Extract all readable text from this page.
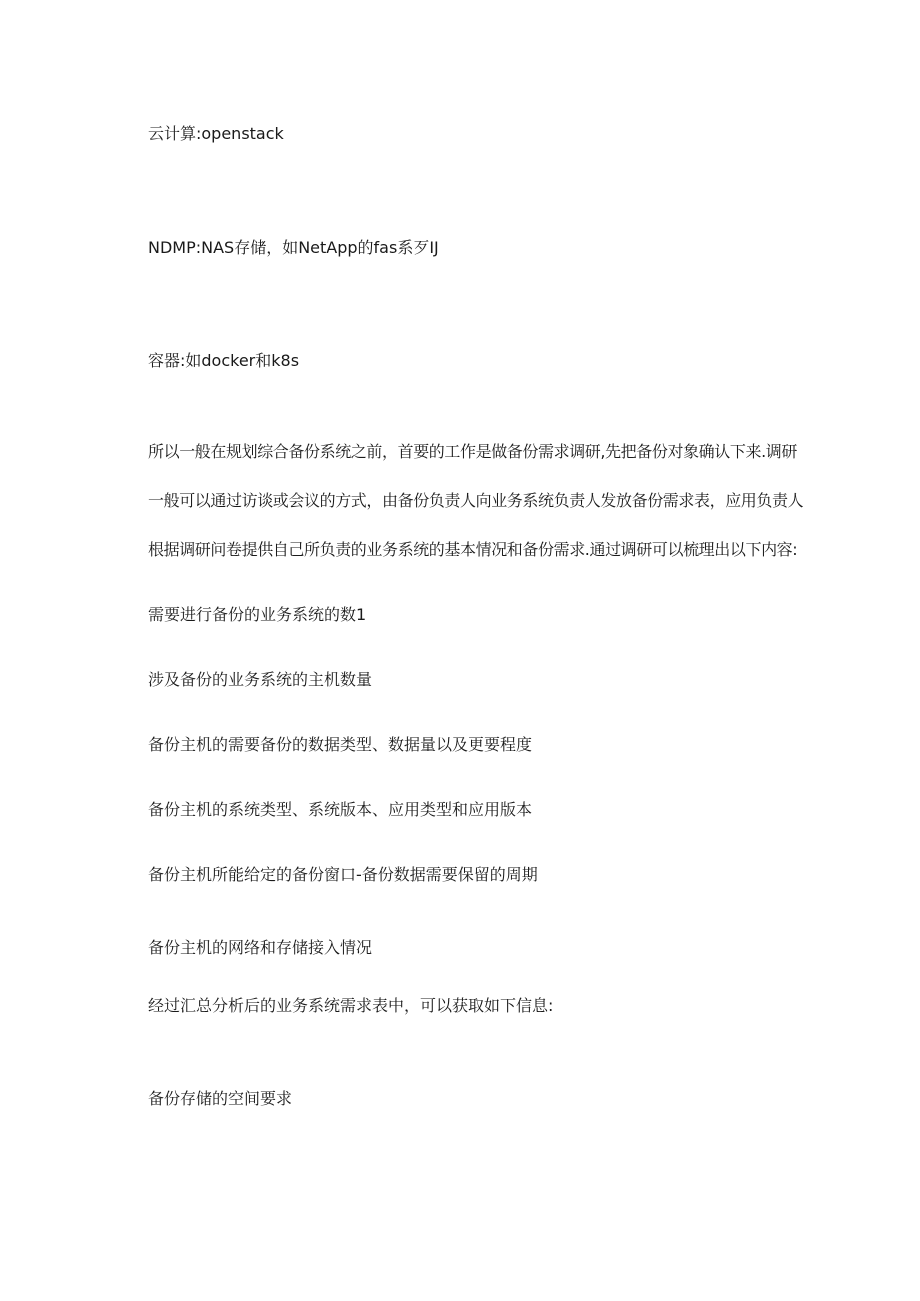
云计算:openstack
NDMP:NAS存储，如NetApp的fas系歹IJ
容器:如docker和k8s
所以一般在规划综合备份系统之前，首要的工作是做备份需求调研,先把备份对象确认下来.调研
一般可以通过访谈或会议的方式，由备份负责人向业务系统负责人发放备份需求表，应用负责人
根据调研问卷提供自己所负责的业务系统的基本情况和备份需求.通过调研可以梳理出以下内容:
需要进行备份的业务系统的数1
涉及备份的业务系统的主机数量
备份主机的需要备份的数据类型、数据量以及更要程度
备份主机的系统类型、系统版本、应用类型和应用版本
备份主机所能给定的备份窗口-备份数据需要保留的周期
备份主机的网络和存储接入情况
经过汇总分析后的业务系统需求表中，可以获取如下信息:
备份存储的空间要求
